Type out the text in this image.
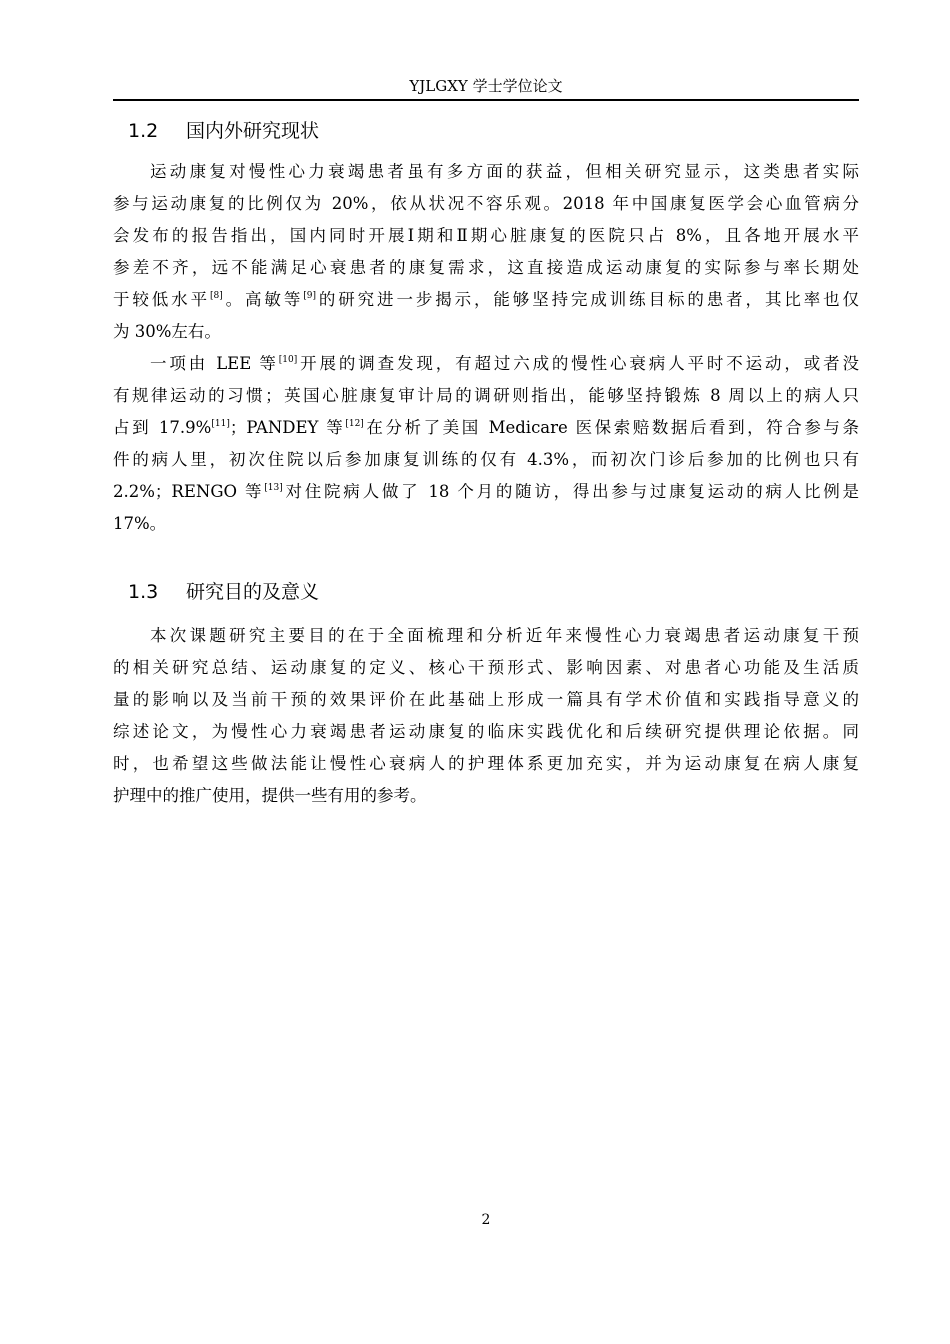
YJLGXY 学士学位论文
1.2 国内外研究现状
运动康复对慢性心力衰竭患者虽有多方面的获益，但相关研究显示，这类患者实际
参与运动康复的比例仅为 20%，依从状况不容乐观。2018 年中国康复医学会心血管病分
会发布的报告指出，国内同时开展Ⅰ期和Ⅱ期心脏康复的医院只占 8%，且各地开展水平
参差不齐，远不能满足心衰患者的康复需求，这直接造成运动康复的实际参与率长期处
于较低水平[8]。高敏等[9]的研究进一步揭示，能够坚持完成训练目标的患者，其比率也仅
为 30%左右。
一项由 LEE 等[10]开展的调查发现，有超过六成的慢性心衰病人平时不运动，或者没
有规律运动的习惯；英国心脏康复审计局的调研则指出，能够坚持锻炼 8 周以上的病人只
占到 17.9%[11]；PANDEY 等[12]在分析了美国 Medicare 医保索赔数据后看到，符合参与条
件的病人里，初次住院以后参加康复训练的仅有 4.3%，而初次门诊后参加的比例也只有
2.2%；RENGO 等[13]对住院病人做了 18 个月的随访，得出参与过康复运动的病人比例是
17%。
1.3 研究目的及意义
本次课题研究主要目的在于全面梳理和分析近年来慢性心力衰竭患者运动康复干预
的相关研究总结、运动康复的定义、核心干预形式、影响因素、对患者心功能及生活质
量的影响以及当前干预的效果评价在此基础上形成一篇具有学术价值和实践指导意义的
综述论文，为慢性心力衰竭患者运动康复的临床实践优化和后续研究提供理论依据。同
时，也希望这些做法能让慢性心衰病人的护理体系更加充实，并为运动康复在病人康复
护理中的推广使用，提供一些有用的参考。
2
